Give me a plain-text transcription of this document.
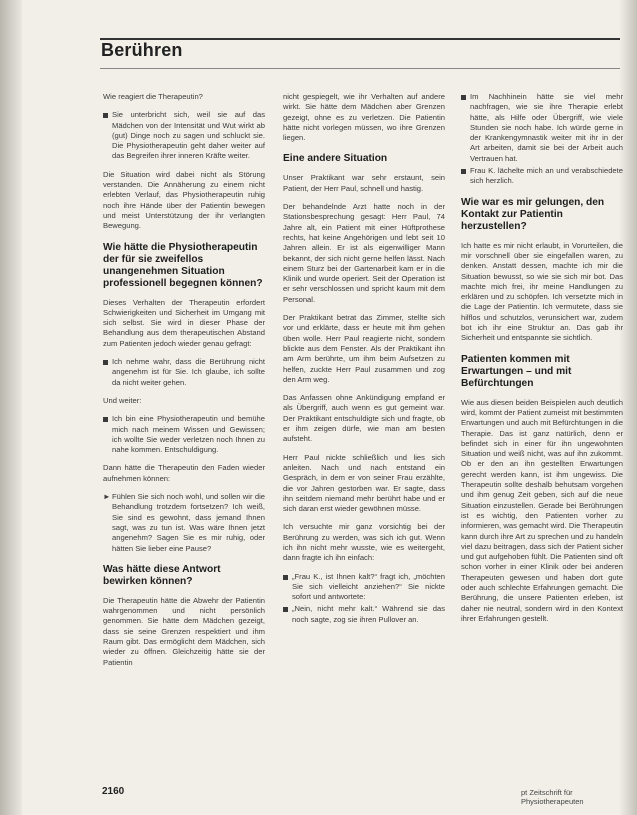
Berühren

Wie reagiert die Therapeutin?

Sie unterbricht sich, weil sie auf das Mädchen von der Intensität und Wut wirkt ab (gut) Dinge noch zu sagen und schluckt sie. Die Physiotherapeutin geht daher weiter auf das Begreifen ihrer inneren Kräfte weiter.

Die Situation wird dabei nicht als Störung verstanden. Die Annäherung zu einem nicht erlebten Verlauf, das Physiotherapeutin ruhig noch ihre Hände über der Patientin bewegen und meist Unterstützung der ihr verlangten Bewegung.

Wie hätte die Physiotherapeutin der für sie zweifellos unangenehmen Situation professionell begegnen können?

Dieses Verhalten der Therapeutin erfordert Schwierigkeiten und Sicherheit im Umgang mit sich selbst. Sie wird in dieser Phase der Behandlung aus dem therapeutischen Abstand zum Patienten jedoch wieder genau gefragt:

Ich nehme wahr, dass die Berührung nicht angenehm ist für Sie. Ich glaube, ich sollte da nicht weiter gehen.

Und weiter:

Ich bin eine Physiotherapeutin und bemühe mich nach meinem Wissen und Gewissen; ich wollte Sie weder verletzen noch Ihnen zu nahe kommen. Entschuldigung.

Dann hätte die Therapeutin den Faden wieder aufnehmen können:

► Fühlen Sie sich noch wohl, und sollen wir die Behandlung trotzdem fortsetzen? Ich weiß, Sie sind es gewohnt, dass jemand Ihnen sagt, was zu tun ist. Was wäre Ihnen jetzt angenehm? Sagen Sie es mir ruhig, oder hätten Sie lieber eine Pause?
Was hätte diese Antwort bewirken können?

Die Therapeutin hätte die Abwehr der Patientin wahrgenommen und nicht persönlich genommen. Sie hätte dem Mädchen gezeigt, dass sie seine Grenzen respektiert und ihm Raum gibt. Das ermöglicht dem Mädchen, sich wieder zu öffnen. Gleichzeitig hätte sie der Patientin

nicht gespiegelt, wie ihr Verhalten auf andere wirkt. Sie hätte dem Mädchen aber Grenzen gezeigt, ohne es zu verletzen. Die Patientin hätte nicht vorlegen müssen, wo ihre Grenzen liegen.

Eine andere Situation

Unser Praktikant war sehr erstaunt, sein Patient, der Herr Paul, schnell und hastig.

Der behandelnde Arzt hatte noch in der Stationsbesprechung gesagt: Herr Paul, 74 Jahre alt, ein Patient mit einer Hüftprothese rechts, hat keine Angehörigen und lebt seit 10 Jahren allein. Er ist als eigenwilliger Mann bekannt, der sich nicht gerne helfen lässt. Nach einem Sturz bei der Gartenarbeit kam er in die Klinik und wurde operiert. Seit der Operation ist er sehr verschlossen und spricht kaum mit dem Personal.

Der Praktikant betrat das Zimmer, stellte sich vor und erklärte, dass er heute mit ihm gehen üben wolle. Herr Paul reagierte nicht, sondern blickte aus dem Fenster. Als der Praktikant ihn am Arm berührte, um ihm beim Aufsetzen zu helfen, zuckte Herr Paul zusammen und zog den Arm weg.

Das Anfassen ohne Ankündigung empfand er als Übergriff, auch wenn es gut gemeint war. Der Praktikant entschuldigte sich und fragte, ob er ihm zeigen dürfe, wie man am besten aufsteht.

Herr Paul nickte schließlich und lies sich anleiten. Nach und nach entstand ein Gespräch, in dem er von seiner Frau erzählte, die vor Jahren gestorben war. Er sagte, dass ihn seitdem niemand mehr berührt habe und er sich daran erst wieder gewöhnen müsse.

Ich versuchte mir ganz vorsichtig bei der Berührung zu werden, was sich ich gut. Wenn ich ihn nicht mehr wusste, wie es weitergeht, dann fragte ich ihn einfach:

„Frau K., ist Ihnen kalt?“ fragt ich, „möchten Sie sich vielleicht anziehen?“ Sie nickte sofort und antwortete:
„Nein, nicht mehr kalt.“ Während sie das noch sagte, zog sie ihren Pullover an.
Im Nachhinein hätte sie viel mehr nachfragen, wie sie ihre Therapie erlebt hätte, als Hilfe oder Übergriff, wie viele Stunden sie noch habe. Ich würde gerne in der Krankengymnastik weiter mit ihr in der Art arbeiten, damit sie bei der Arbeit auch Vertrauen hat.
Frau K. lächelte mich an und verabschiedete sich herzlich.
Wie war es mir gelungen, den Kontakt zur Patientin herzustellen?

Ich hatte es mir nicht erlaubt, in Vorurteilen, die mir vorschnell über sie eingefallen waren, zu denken. Anstatt dessen, machte ich mir die Situation bewusst, so wie sie sich mir bot. Das machte mich frei, ihr meine Handlungen zu erklären und zu schöpfen. Ich versetzte mich in die Lage der Patientin. Ich vermutete, dass sie hilflos und schutzlos, verunsichert war, zudem bot ich ihr eine Struktur an. Das gab ihr Sicherheit und entspannte sie sichtlich.

Patienten kommen mit Erwartungen – und mit Befürchtungen

Wie aus diesen beiden Beispielen auch deutlich wird, kommt der Patient zumeist mit bestimmten Erwartungen und auch mit Befürchtungen in die Therapie. Das ist ganz natürlich, denn er befindet sich in einer für ihn ungewohnten Situation und weiß nicht, was auf ihn zukommt. Ob er den an ihn gestellten Erwartungen gerecht werden kann, ist ihm ungewiss. Die Therapeutin sollte deshalb behutsam vorgehen und ihm genug Zeit geben, sich auf die neue Situation einzustellen. Gerade bei Berührungen ist es wichtig, den Patienten vorher zu informieren, was gemacht wird. Die Therapeutin kann durch ihre Art zu sprechen und zu handeln viel dazu beitragen, dass sich der Patient sicher und gut aufgehoben fühlt. Die Patienten sind oft schon vorher in einer Klinik oder bei anderen Therapeuten gewesen und haben dort gute oder auch schlechte Erfahrungen gemacht. Die Berührung, die unsere Patienten erleben, ist daher nie neutral, sondern wird in den Kontext ihrer Erfahrungen gestellt.

2160	pt Zeitschrift für Physiotherapeuten
